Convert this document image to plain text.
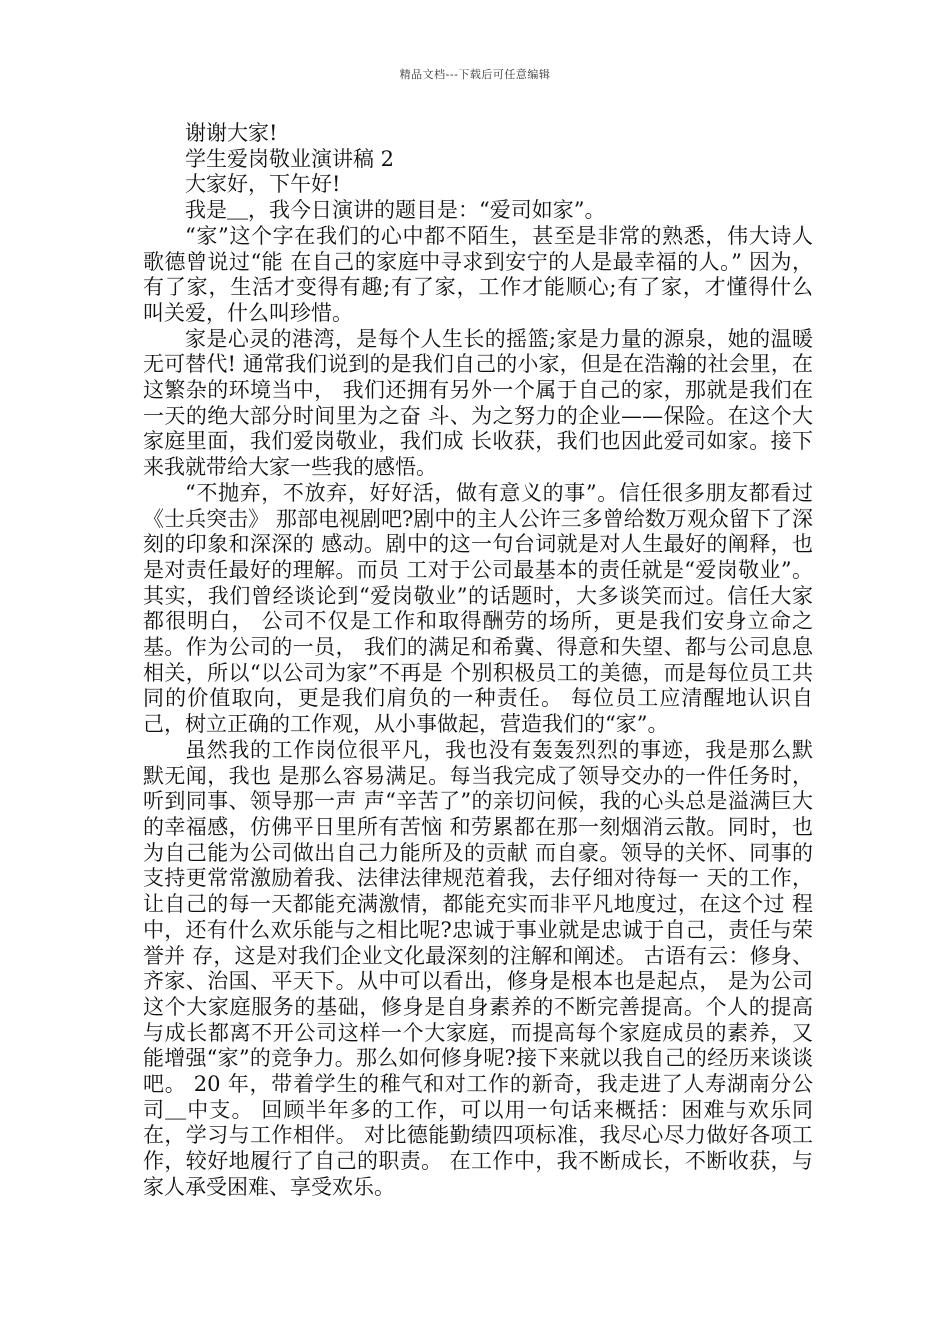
精品文档---下载后可任意编辑

谢谢大家!

学生爱岗敬业演讲稿 2

大家好，下午好!

我是＿，我今日演讲的题目是：“爱司如家”。

“家”这个字在我们的心中都不陌生，甚至是非常的熟悉，伟大诗人歌德曾说过“能 在自己的家庭中寻求到安宁的人是最幸福的人。” 因为，有了家，生活才变得有趣;有了家，工作才能顺心;有了家，才懂得什么 叫关爱，什么叫珍惜。

家是心灵的港湾，是每个人生长的摇篮;家是力量的源泉，她的温暖无可替代! 通常我们说到的是我们自己的小家，但是在浩瀚的社会里，在这繁杂的环境当中， 我们还拥有另外一个属于自己的家，那就是我们在一天的绝大部分时间里为之奋 斗、为之努力的企业——保险。在这个大家庭里面，我们爱岗敬业，我们成 长收获，我们也因此爱司如家。接下来我就带给大家一些我的感悟。

“不抛弃，不放弃，好好活，做有意义的事”。信任很多朋友都看过《士兵突击》 那部电视剧吧?剧中的主人公许三多曾给数万观众留下了深刻的印象和深深的 感动。剧中的这一句台词就是对人生最好的阐释，也是对责任最好的理解。而员 工对于公司最基本的责任就是“爱岗敬业”。 其实，我们曾经谈论到“爱岗敬业”的话题时，大多谈笑而过。信任大家都很明白， 公司不仅是工作和取得酬劳的场所，更是我们安身立命之基。作为公司的一员， 我们的满足和希冀、得意和失望、都与公司息息相关，所以“以公司为家”不再是 个别积极员工的美德，而是每位员工共同的价值取向，更是我们肩负的一种责任。 每位员工应清醒地认识自己，树立正确的工作观，从小事做起，营造我们的“家”。

虽然我的工作岗位很平凡，我也没有轰轰烈烈的事迹，我是那么默默无闻，我也 是那么容易满足。每当我完成了领导交办的一件任务时，听到同事、领导那一声 声“辛苦了”的亲切问候，我的心头总是溢满巨大的幸福感，仿佛平日里所有苦恼 和劳累都在那一刻烟消云散。同时，也为自己能为公司做出自己力能所及的贡献 而自豪。领导的关怀、同事的支持更常常激励着我、法律法律规范着我，去仔细对待每一 天的工作，让自己的每一天都能充满激情，都能充实而非平凡地度过，在这个过 程中，还有什么欢乐能与之相比呢?忠诚于事业就是忠诚于自己，责任与荣誉并 存，这是对我们企业文化最深刻的注解和阐述。 古语有云：修身、齐家、治国、平天下。从中可以看出，修身是根本也是起点， 是为公司这个大家庭服务的基础，修身是自身素养的不断完善提高。个人的提高 与成长都离不开公司这样一个大家庭，而提高每个家庭成员的素养，又能增强“家”的竞争力。那么如何修身呢?接下来就以我自己的经历来谈谈吧。 20 年，带着学生的稚气和对工作的新奇，我走进了人寿湖南分公司＿中支。 回顾半年多的工作，可以用一句话来概括：困难与欢乐同在，学习与工作相伴。 对比德能勤绩四项标准，我尽心尽力做好各项工作，较好地履行了自己的职责。 在工作中，我不断成长，不断收获，与家人承受困难、享受欢乐。
